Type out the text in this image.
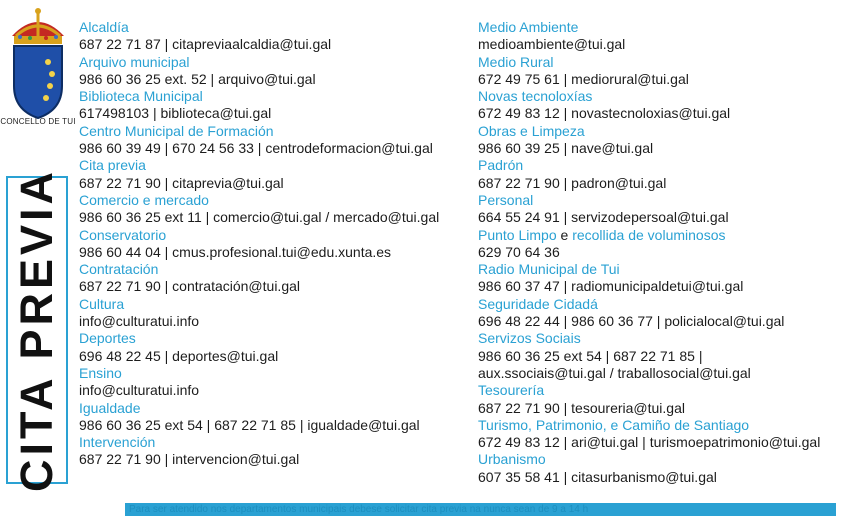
CONCELLO DE TUI
CITA PREVIA
Alcaldía
687 22 71 87 | citapreviaalcaldia@tui.gal
Arquivo municipal
986 60 36 25 ext. 52 | arquivo@tui.gal
Biblioteca Municipal
617498103 | biblioteca@tui.gal
Centro Municipal de Formación
986 60 39 49 | 670 24 56 33 | centrodeformacion@tui.gal
Cita previa
687 22 71 90 | citaprevia@tui.gal
Comercio e mercado
986 60 36 25 ext 11 | comercio@tui.gal / mercado@tui.gal
Conservatorio
986 60 44 04 | cmus.profesional.tui@edu.xunta.es
Contratación
687 22 71 90 | contratación@tui.gal
Cultura
info@culturatui.info
Deportes
696 48 22 45 | deportes@tui.gal
Ensino
info@culturatui.info
Igualdade
986 60 36 25 ext 54 | 687 22 71 85 | igualdade@tui.gal
Intervención
687 22 71 90 | intervencion@tui.gal
Medio Ambiente
medioambiente@tui.gal
Medio Rural
672 49 75 61 | mediorural@tui.gal
Novas tecnoloxías
672 49 83 12 | novastecnoloxias@tui.gal
Obras e Limpeza
986 60 39 25 | nave@tui.gal
Padrón
687 22 71 90 | padron@tui.gal
Personal
664 55 24 91 | servizodepersoal@tui.gal
Punto Limpo e recollida de voluminosos
629 70 64 36
Radio Municipal de Tui
986 60 37 47 | radiomunicipaldetui@tui.gal
Seguridade Cidadá
696 48 22 44 | 986 60 36 77 | policialocal@tui.gal
Servizos Sociais
986 60 36 25 ext 54 | 687 22 71 85 |
aux.ssociais@tui.gal / traballosocial@tui.gal
Tesourería
687 22 71 90 | tesoureria@tui.gal
Turismo, Patrimonio, e Camiño de Santiago
672 49 83 12 | ari@tui.gal | turismoepatrimonio@tui.gal
Urbanismo
607 35 58 41 | citasurbanismo@tui.gal
Para ser atendido nos departamentos municipais debese solicitar cita previa na nunca sean de 9 a 14 h
